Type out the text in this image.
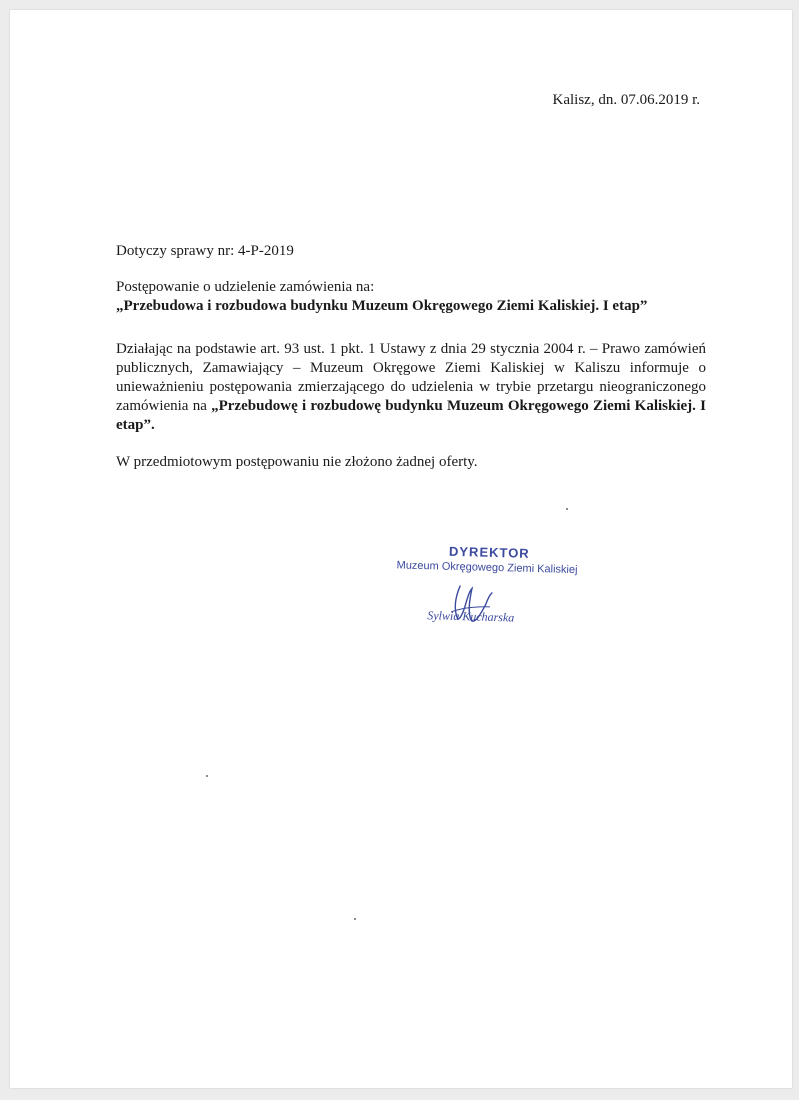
Kalisz, dn. 07.06.2019 r.
Dotyczy sprawy nr: 4-P-2019
Postępowanie o udzielenie zamówienia na:
„Przebudowa i rozbudowa budynku Muzeum Okręgowego Ziemi Kaliskiej. I etap”
Działając na podstawie art. 93 ust. 1 pkt. 1 Ustawy z dnia 29 stycznia 2004 r. – Prawo zamówień publicznych, Zamawiający – Muzeum Okręgowe Ziemi Kaliskiej w Kaliszu informuje o unieważnieniu postępowania zmierzającego do udzielenia w trybie przetargu nieograniczonego zamówienia na „Przebudowę i rozbudowę budynku Muzeum Okręgowego Ziemi Kaliskiej. I etap”.
W przedmiotowym postępowaniu nie złożono żadnej oferty.
DYREKTOR
Muzeum Okręgowego Ziemi Kaliskiej
Sylwia Kucharska
